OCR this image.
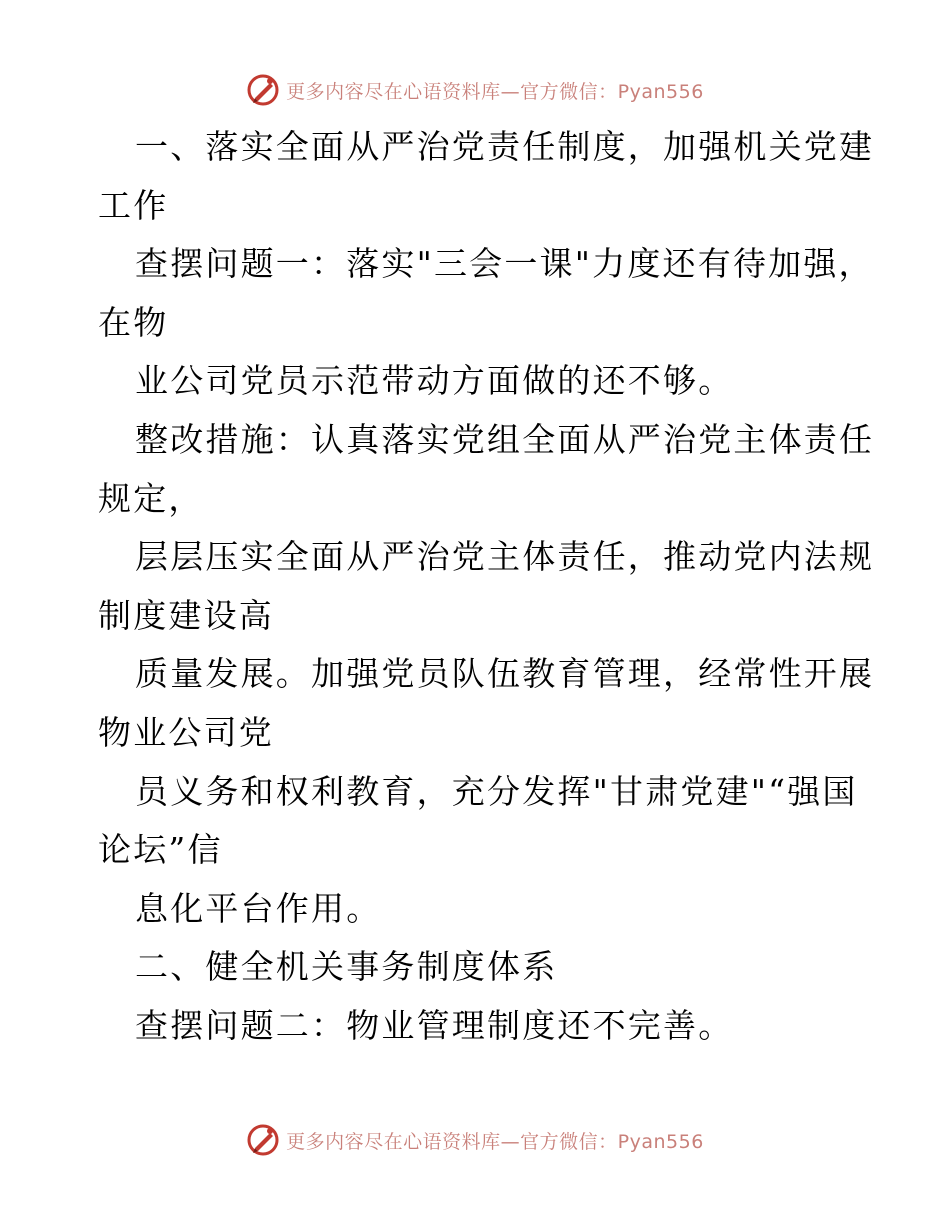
更多内容尽在心语资料库—官方微信：Pyan556
一、落实全面从严治党责任制度，加强机关党建
工作
查摆问题一：落实"三会一课"力度还有待加强，
在物
业公司党员示范带动方面做的还不够。
整改措施：认真落实党组全面从严治党主体责任
规定，
层层压实全面从严治党主体责任，推动党内法规
制度建设高
质量发展。加强党员队伍教育管理，经常性开展
物业公司党
员义务和权利教育，充分发挥"甘肃党建"“强国
论坛”信
息化平台作用。
二、健全机关事务制度体系
查摆问题二：物业管理制度还不完善。
更多内容尽在心语资料库—官方微信：Pyan556
